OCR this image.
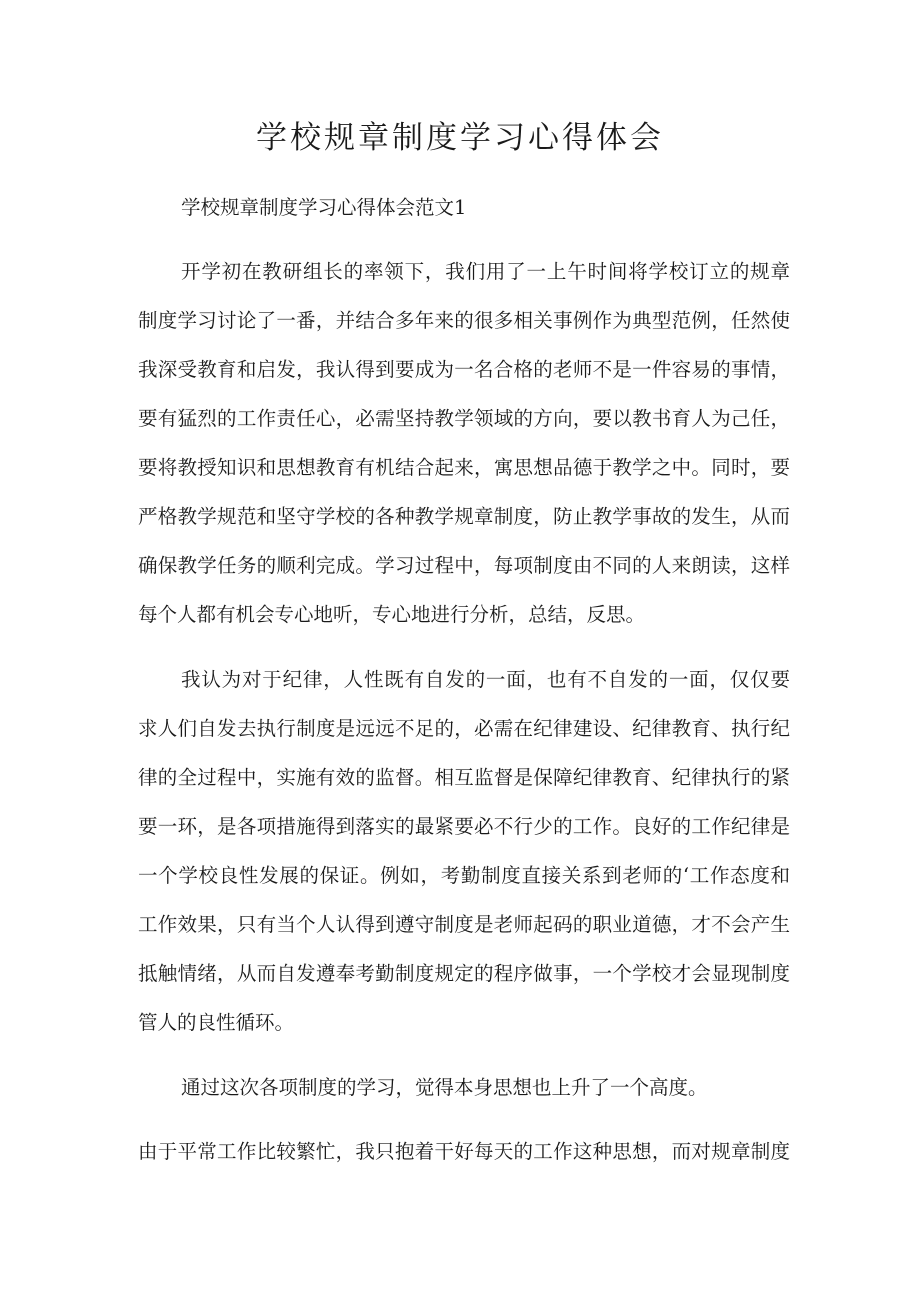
学校规章制度学习心得体会
学校规章制度学习心得体会范文1
开学初在教研组长的率领下，我们用了一上午时间将学校订立的规章
制度学习讨论了一番，并结合多年来的很多相关事例作为典型范例，任然使
我深受教育和启发，我认得到要成为一名合格的老师不是一件容易的事情，
要有猛烈的工作责任心，必需坚持教学领域的方向，要以教书育人为己任，
要将教授知识和思想教育有机结合起来，寓思想品德于教学之中。同时，要
严格教学规范和坚守学校的各种教学规章制度，防止教学事故的发生，从而
确保教学任务的顺利完成。学习过程中，每项制度由不同的人来朗读，这样
每个人都有机会专心地听，专心地进行分析，总结，反思。
我认为对于纪律，人性既有自发的一面，也有不自发的一面，仅仅要
求人们自发去执行制度是远远不足的，必需在纪律建设、纪律教育、执行纪
律的全过程中，实施有效的监督。相互监督是保障纪律教育、纪律执行的紧
要一环，是各项措施得到落实的最紧要必不行少的工作。良好的工作纪律是
一个学校良性发展的保证。例如，考勤制度直接关系到老师的‘工作态度和
工作效果，只有当个人认得到遵守制度是老师起码的职业道德，才不会产生
抵触情绪，从而自发遵奉考勤制度规定的程序做事，一个学校才会显现制度
管人的良性循环。
通过这次各项制度的学习，觉得本身思想也上升了一个高度。
由于平常工作比较繁忙，我只抱着干好每天的工作这种思想，而对规章制度
